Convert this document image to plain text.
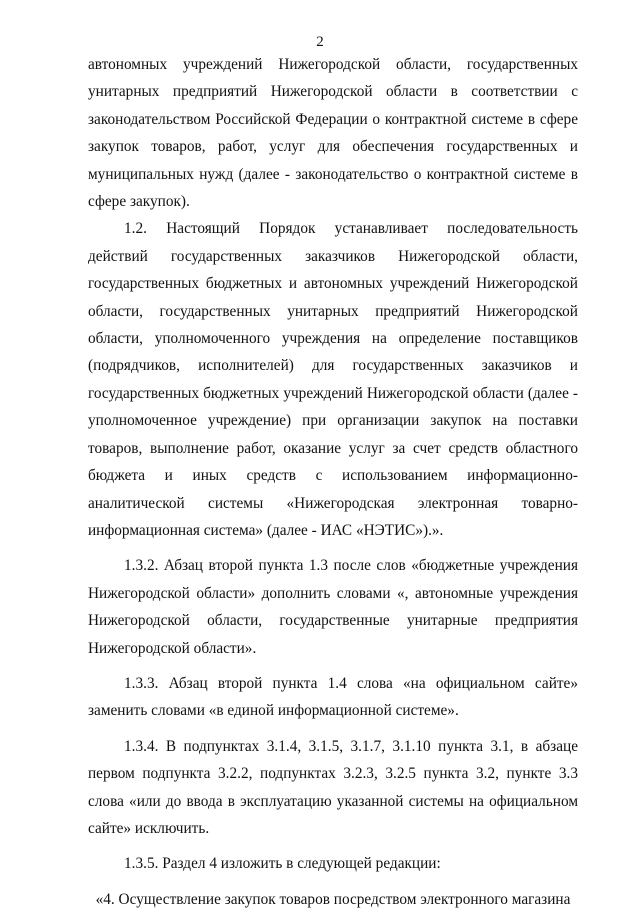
2

автономных учреждений Нижегородской области, государственных унитарных предприятий Нижегородской области в соответствии с законодательством Российской Федерации о контрактной системе в сфере закупок товаров, работ, услуг для обеспечения государственных и муниципальных нужд (далее - законодательство о контрактной системе в сфере закупок).

1.2. Настоящий Порядок устанавливает последовательность действий государственных заказчиков Нижегородской области, государственных бюджетных и автономных учреждений Нижегородской области, государственных унитарных предприятий Нижегородской области, уполномоченного учреждения на определение поставщиков (подрядчиков, исполнителей) для государственных заказчиков и государственных бюджетных учреждений Нижегородской области (далее - уполномоченное учреждение) при организации закупок на поставки товаров, выполнение работ, оказание услуг за счет средств областного бюджета и иных средств с использованием информационно-аналитической системы «Нижегородская электронная товарно-информационная система» (далее - ИАС «НЭТИС»).».

1.3.2. Абзац второй пункта 1.3 после слов «бюджетные учреждения Нижегородской области» дополнить словами «, автономные учреждения Нижегородской области, государственные унитарные предприятия Нижегородской области».

1.3.3. Абзац второй пункта 1.4 слова «на официальном сайте» заменить словами «в единой информационной системе».

1.3.4. В подпунктах 3.1.4, 3.1.5, 3.1.7, 3.1.10 пункта 3.1, в абзаце первом подпункта 3.2.2, подпунктах 3.2.3, 3.2.5 пункта 3.2, пункте 3.3 слова «или до ввода в эксплуатацию указанной системы на официальном сайте» исключить.

1.3.5. Раздел 4 изложить в следующей редакции:

«4. Осуществление закупок товаров посредством электронного магазина
